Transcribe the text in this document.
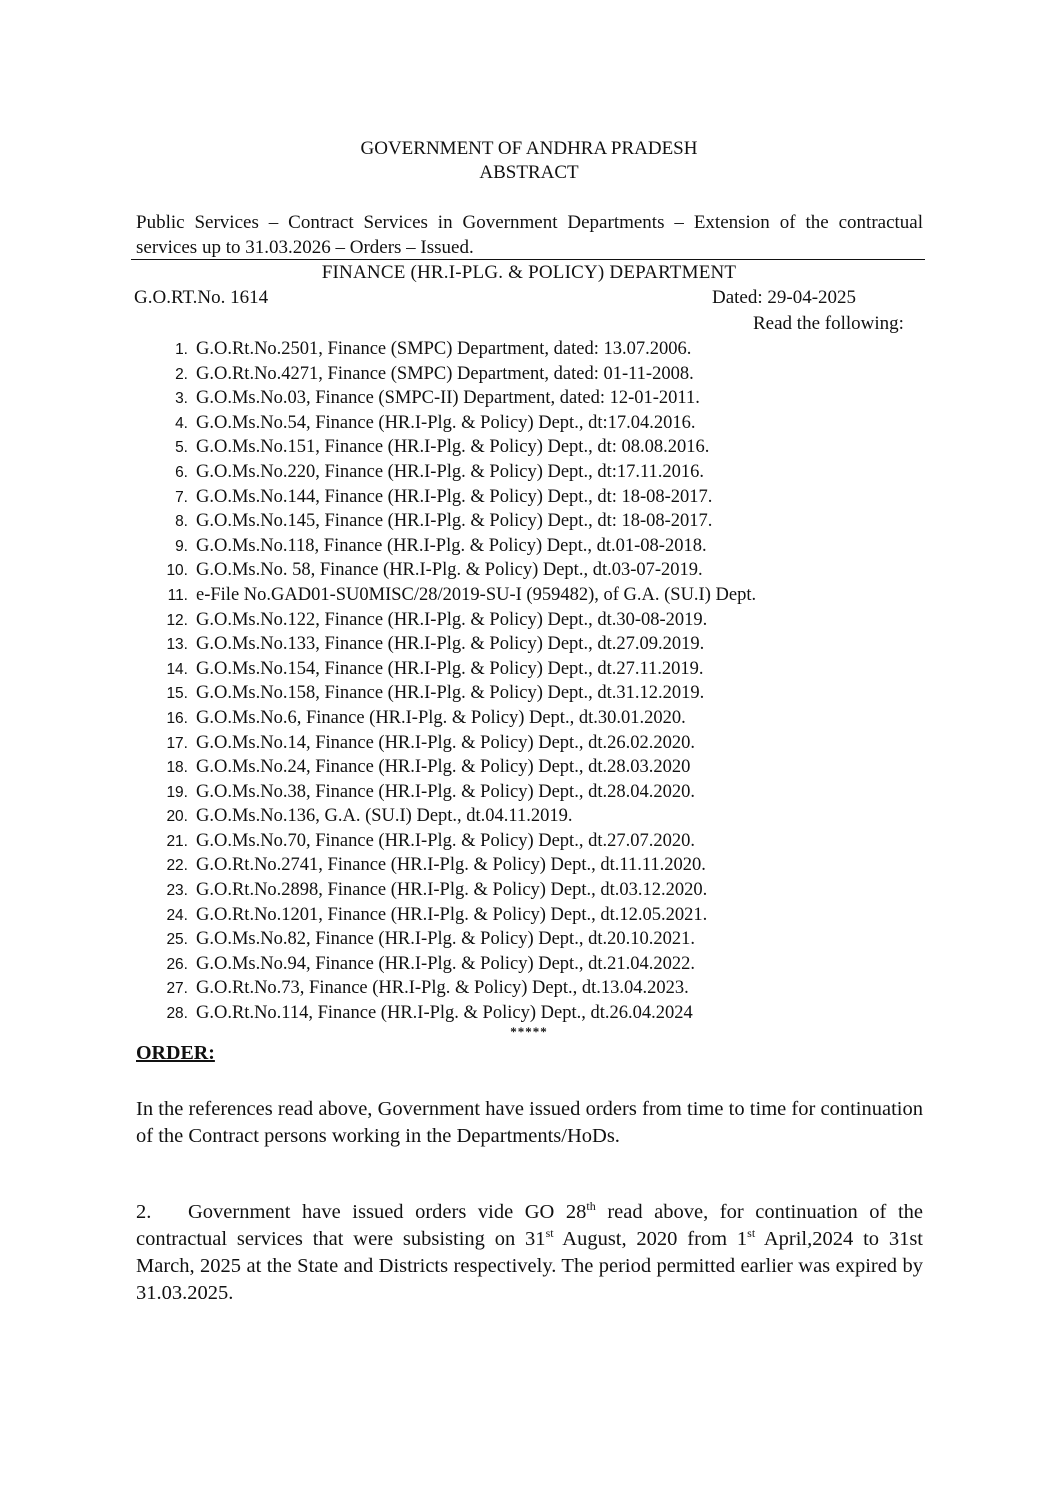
GOVERNMENT OF ANDHRA PRADESH
ABSTRACT
Public Services – Contract Services in Government Departments – Extension of the contractual services up to 31.03.2026 – Orders – Issued.
FINANCE (HR.I-PLG. & POLICY) DEPARTMENT
G.O.RT.No. 1614	Dated: 29-04-2025
Read the following:
1. G.O.Rt.No.2501, Finance (SMPC) Department, dated: 13.07.2006.
2. G.O.Rt.No.4271, Finance (SMPC) Department, dated: 01-11-2008.
3. G.O.Ms.No.03, Finance (SMPC-II) Department, dated: 12-01-2011.
4. G.O.Ms.No.54, Finance (HR.I-Plg. & Policy) Dept., dt:17.04.2016.
5. G.O.Ms.No.151, Finance (HR.I-Plg. & Policy) Dept., dt: 08.08.2016.
6. G.O.Ms.No.220, Finance (HR.I-Plg. & Policy) Dept., dt:17.11.2016.
7. G.O.Ms.No.144, Finance (HR.I-Plg. & Policy) Dept., dt: 18-08-2017.
8. G.O.Ms.No.145, Finance (HR.I-Plg. & Policy) Dept., dt: 18-08-2017.
9. G.O.Ms.No.118, Finance (HR.I-Plg. & Policy) Dept., dt.01-08-2018.
10. G.O.Ms.No. 58, Finance (HR.I-Plg. & Policy) Dept., dt.03-07-2019.
11. e-File No.GAD01-SU0MISC/28/2019-SU-I (959482), of G.A. (SU.I) Dept.
12. G.O.Ms.No.122, Finance (HR.I-Plg. & Policy) Dept., dt.30-08-2019.
13. G.O.Ms.No.133, Finance (HR.I-Plg. & Policy) Dept., dt.27.09.2019.
14. G.O.Ms.No.154, Finance (HR.I-Plg. & Policy) Dept., dt.27.11.2019.
15. G.O.Ms.No.158, Finance (HR.I-Plg. & Policy) Dept., dt.31.12.2019.
16. G.O.Ms.No.6, Finance (HR.I-Plg. & Policy) Dept., dt.30.01.2020.
17. G.O.Ms.No.14, Finance (HR.I-Plg. & Policy) Dept., dt.26.02.2020.
18. G.O.Ms.No.24, Finance (HR.I-Plg. & Policy) Dept., dt.28.03.2020
19. G.O.Ms.No.38, Finance (HR.I-Plg. & Policy) Dept., dt.28.04.2020.
20. G.O.Ms.No.136, G.A. (SU.I) Dept., dt.04.11.2019.
21. G.O.Ms.No.70, Finance (HR.I-Plg. & Policy) Dept., dt.27.07.2020.
22. G.O.Rt.No.2741, Finance (HR.I-Plg. & Policy) Dept., dt.11.11.2020.
23. G.O.Rt.No.2898, Finance (HR.I-Plg. & Policy) Dept., dt.03.12.2020.
24. G.O.Rt.No.1201, Finance (HR.I-Plg. & Policy) Dept., dt.12.05.2021.
25. G.O.Ms.No.82, Finance (HR.I-Plg. & Policy) Dept., dt.20.10.2021.
26. G.O.Ms.No.94, Finance (HR.I-Plg. & Policy) Dept., dt.21.04.2022.
27. G.O.Rt.No.73, Finance (HR.I-Plg. & Policy) Dept., dt.13.04.2023.
28. G.O.Rt.No.114, Finance (HR.I-Plg. & Policy) Dept., dt.26.04.2024
*****
ORDER:
In the references read above, Government have issued orders from time to time for continuation of the Contract persons working in the Departments/HoDs.
2. Government have issued orders vide GO 28th read above, for continuation of the contractual services that were subsisting on 31st August, 2020 from 1st April,2024 to 31st March, 2025 at the State and Districts respectively. The period permitted earlier was expired by 31.03.2025.
